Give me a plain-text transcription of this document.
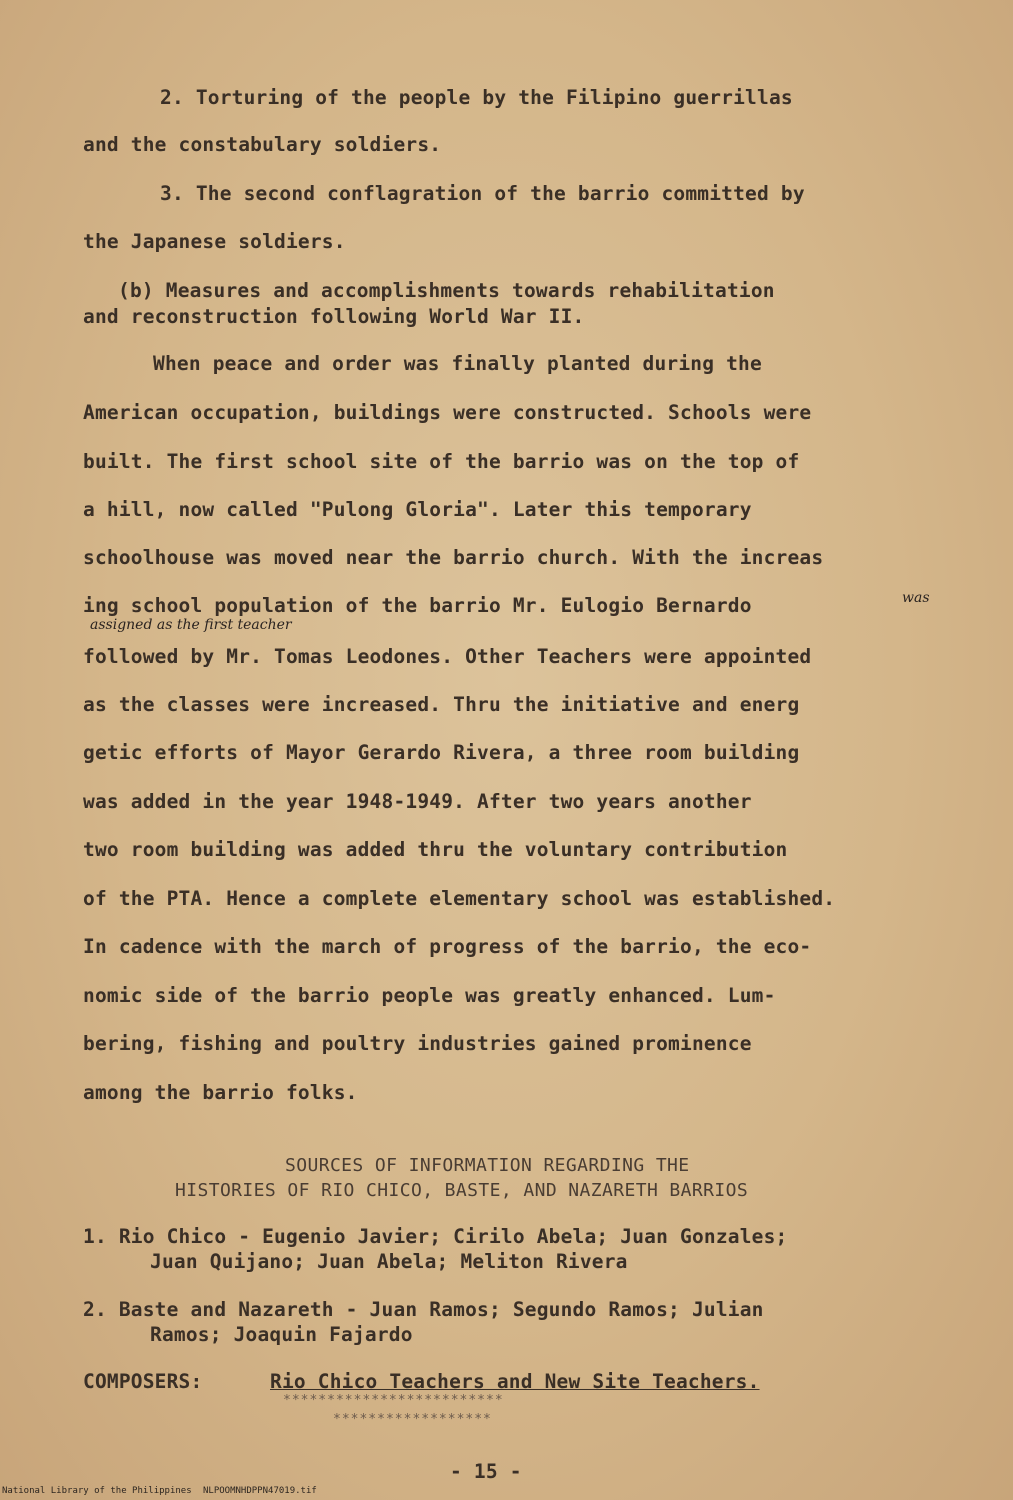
2. Torturing of the people by the Filipino guerrillas
and the constabulary soldiers.
3. The second conflagration of the barrio committed by
the Japanese soldiers.
(b) Measures and accomplishments towards rehabilitation
and reconstruction following World War II.
When peace and order was finally planted during the
American occupation, buildings were constructed. Schools were
built. The first school site of the barrio was on the top of
a hill, now called "Pulong Gloria". Later this temporary
schoolhouse was moved near the barrio church. With the increas
ing school population of the barrio Mr. Eulogio Bernardo	was
assigned as the first teacher
followed by Mr. Tomas Leodones. Other Teachers were appointed
as the classes were increased. Thru the initiative and energ
getic efforts of Mayor Gerardo Rivera, a three room building
was added in the year 1948-1949. After two years another
two room building was added thru the voluntary contribution
of the PTA. Hence a complete elementary school was established.
In cadence with the march of progress of the barrio, the eco-
nomic side of the barrio people was greatly enhanced. Lum-
bering, fishing and poultry industries gained prominence
among the barrio folks.
SOURCES OF INFORMATION REGARDING THE
HISTORIES OF RIO CHICO, BASTE, AND NAZARETH BARRIOS
1. Rio Chico - Eugenio Javier; Cirilo Abela; Juan Gonzales;
Juan Quijano; Juan Abela; Meliton Rivera
2. Baste and Nazareth - Juan Ramos; Segundo Ramos; Julian
Ramos; Joaquin Fajardo
COMPOSERS:	Rio Chico Teachers and New Site Teachers.
*************************
******************
- 15 -
National Library of the Philippines NLPOOMNHDPPN47019.tif
